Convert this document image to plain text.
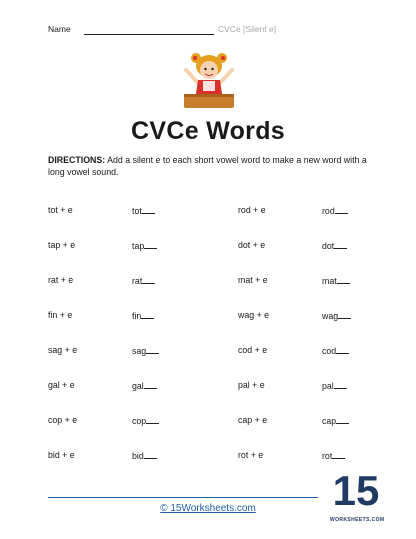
Name	CVCe [Silent e]
CVCe Words
DIRECTIONS: Add a silent e to each short vowel word to make a new word with a long vowel sound.
tot + e	tot	rod + e	rod
tap + e	tap	dot + e	dot
rat + e	rat	mat + e	mat
fin + e	fin	wag + e	wag
sag + e	sag	cod + e	cod
gal + e	gal	pal + e	pal
cop + e	cop	cap + e	cap
bid + e	bid	rot + e	rot
© 15Worksheets.com	15
WORKSHEETS.COM
